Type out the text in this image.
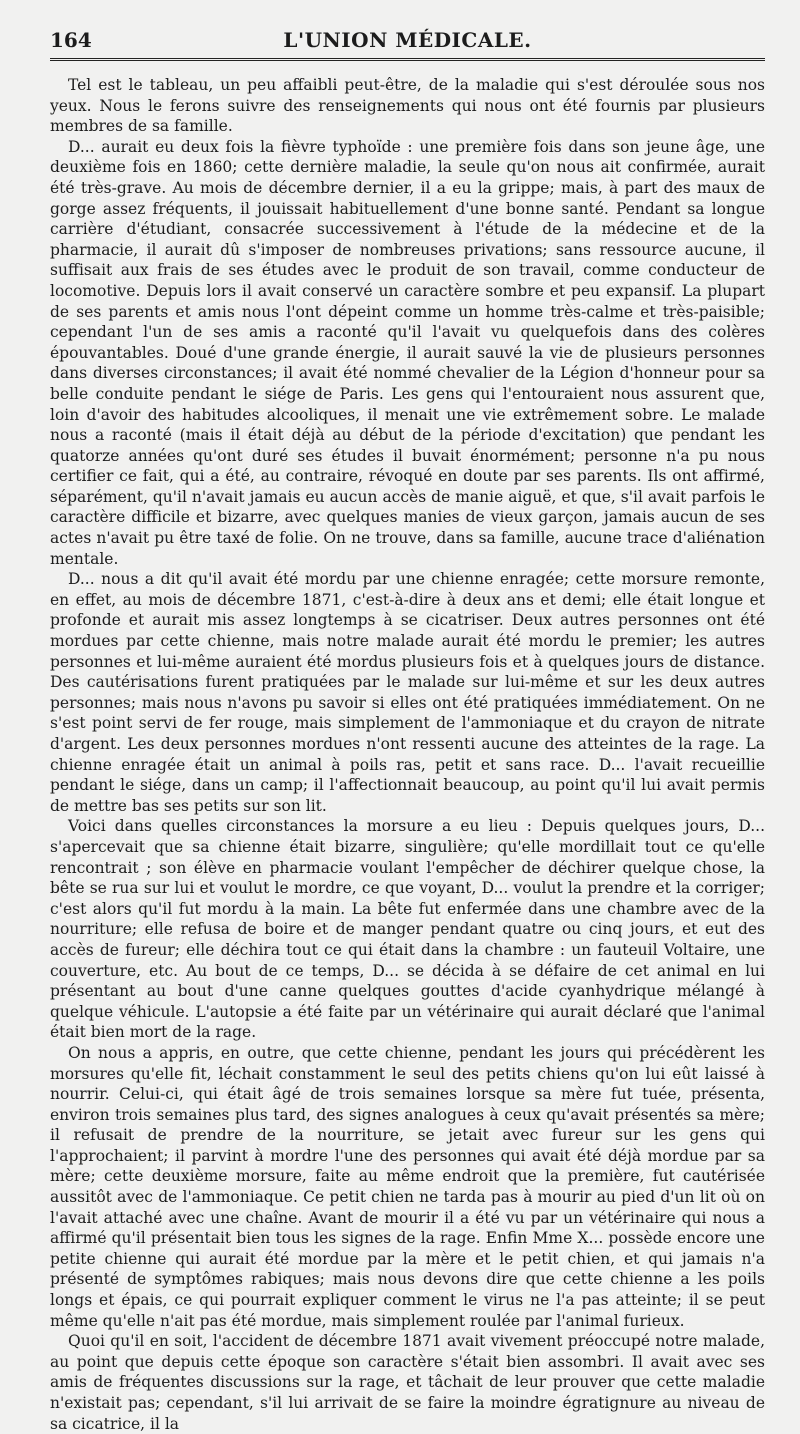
164	L'UNION MÉDICALE.

Tel est le tableau, un peu affaibli peut-être, de la maladie qui s'est déroulée sous nos yeux. Nous le ferons suivre des renseignements qui nous ont été fournis par plusieurs membres de sa famille.

D... aurait eu deux fois la fièvre typhoïde : une première fois dans son jeune âge, une deuxième fois en 1860; cette dernière maladie, la seule qu'on nous ait confirmée, aurait été très-grave. Au mois de décembre dernier, il a eu la grippe; mais, à part des maux de gorge assez fréquents, il jouissait habituellement d'une bonne santé. Pendant sa longue carrière d'étudiant, consacrée successivement à l'étude de la médecine et de la pharmacie, il aurait dû s'imposer de nombreuses privations; sans ressource aucune, il suffisait aux frais de ses études avec le produit de son travail, comme conducteur de locomotive. Depuis lors il avait conservé un caractère sombre et peu expansif. La plupart de ses parents et amis nous l'ont dépeint comme un homme très-calme et très-paisible; cependant l'un de ses amis a raconté qu'il l'avait vu quelquefois dans des colères épouvantables. Doué d'une grande énergie, il aurait sauvé la vie de plusieurs personnes dans diverses circonstances; il avait été nommé chevalier de la Légion d'honneur pour sa belle conduite pendant le siége de Paris. Les gens qui l'entouraient nous assurent que, loin d'avoir des habitudes alcooliques, il menait une vie extrêmement sobre. Le malade nous a raconté (mais il était déjà au début de la période d'excitation) que pendant les quatorze années qu'ont duré ses études il buvait énormément; personne n'a pu nous certifier ce fait, qui a été, au contraire, révoqué en doute par ses parents. Ils ont affirmé, séparément, qu'il n'avait jamais eu aucun accès de manie aiguë, et que, s'il avait parfois le caractère difficile et bizarre, avec quelques manies de vieux garçon, jamais aucun de ses actes n'avait pu être taxé de folie. On ne trouve, dans sa famille, aucune trace d'aliénation mentale.

D... nous a dit qu'il avait été mordu par une chienne enragée; cette morsure remonte, en effet, au mois de décembre 1871, c'est-à-dire à deux ans et demi; elle était longue et profonde et aurait mis assez longtemps à se cicatriser. Deux autres personnes ont été mordues par cette chienne, mais notre malade aurait été mordu le premier; les autres personnes et lui-même auraient été mordus plusieurs fois et à quelques jours de distance. Des cautérisations furent pratiquées par le malade sur lui-même et sur les deux autres personnes; mais nous n'avons pu savoir si elles ont été pratiquées immédiatement. On ne s'est point servi de fer rouge, mais simplement de l'ammoniaque et du crayon de nitrate d'argent. Les deux personnes mordues n'ont ressenti aucune des atteintes de la rage. La chienne enragée était un animal à poils ras, petit et sans race. D... l'avait recueillie pendant le siége, dans un camp; il l'affectionnait beaucoup, au point qu'il lui avait permis de mettre bas ses petits sur son lit.

Voici dans quelles circonstances la morsure a eu lieu : Depuis quelques jours, D... s'apercevait que sa chienne était bizarre, singulière; qu'elle mordillait tout ce qu'elle rencontrait ; son élève en pharmacie voulant l'empêcher de déchirer quelque chose, la bête se rua sur lui et voulut le mordre, ce que voyant, D... voulut la prendre et la corriger; c'est alors qu'il fut mordu à la main. La bête fut enfermée dans une chambre avec de la nourriture; elle refusa de boire et de manger pendant quatre ou cinq jours, et eut des accès de fureur; elle déchira tout ce qui était dans la chambre : un fauteuil Voltaire, une couverture, etc. Au bout de ce temps, D... se décida à se défaire de cet animal en lui présentant au bout d'une canne quelques gouttes d'acide cyanhydrique mélangé à quelque véhicule. L'autopsie a été faite par un vétérinaire qui aurait déclaré que l'animal était bien mort de la rage.

On nous a appris, en outre, que cette chienne, pendant les jours qui précédèrent les morsures qu'elle fit, léchait constamment le seul des petits chiens qu'on lui eût laissé à nourrir. Celui-ci, qui était âgé de trois semaines lorsque sa mère fut tuée, présenta, environ trois semaines plus tard, des signes analogues à ceux qu'avait présentés sa mère; il refusait de prendre de la nourriture, se jetait avec fureur sur les gens qui l'approchaient; il parvint à mordre l'une des personnes qui avait été déjà mordue par sa mère; cette deuxième morsure, faite au même endroit que la première, fut cautérisée aussitôt avec de l'ammoniaque. Ce petit chien ne tarda pas à mourir au pied d'un lit où on l'avait attaché avec une chaîne. Avant de mourir il a été vu par un vétérinaire qui nous a affirmé qu'il présentait bien tous les signes de la rage. Enfin Mme X... possède encore une petite chienne qui aurait été mordue par la mère et le petit chien, et qui jamais n'a présenté de symptômes rabiques; mais nous devons dire que cette chienne a les poils longs et épais, ce qui pourrait expliquer comment le virus ne l'a pas atteinte; il se peut même qu'elle n'ait pas été mordue, mais simplement roulée par l'animal furieux.

Quoi qu'il en soit, l'accident de décembre 1871 avait vivement préoccupé notre malade, au point que depuis cette époque son caractère s'était bien assombri. Il avait avec ses amis de fréquentes discussions sur la rage, et tâchait de leur prouver que cette maladie n'existait pas; cependant, s'il lui arrivait de se faire la moindre égratignure au niveau de sa cicatrice, il la
